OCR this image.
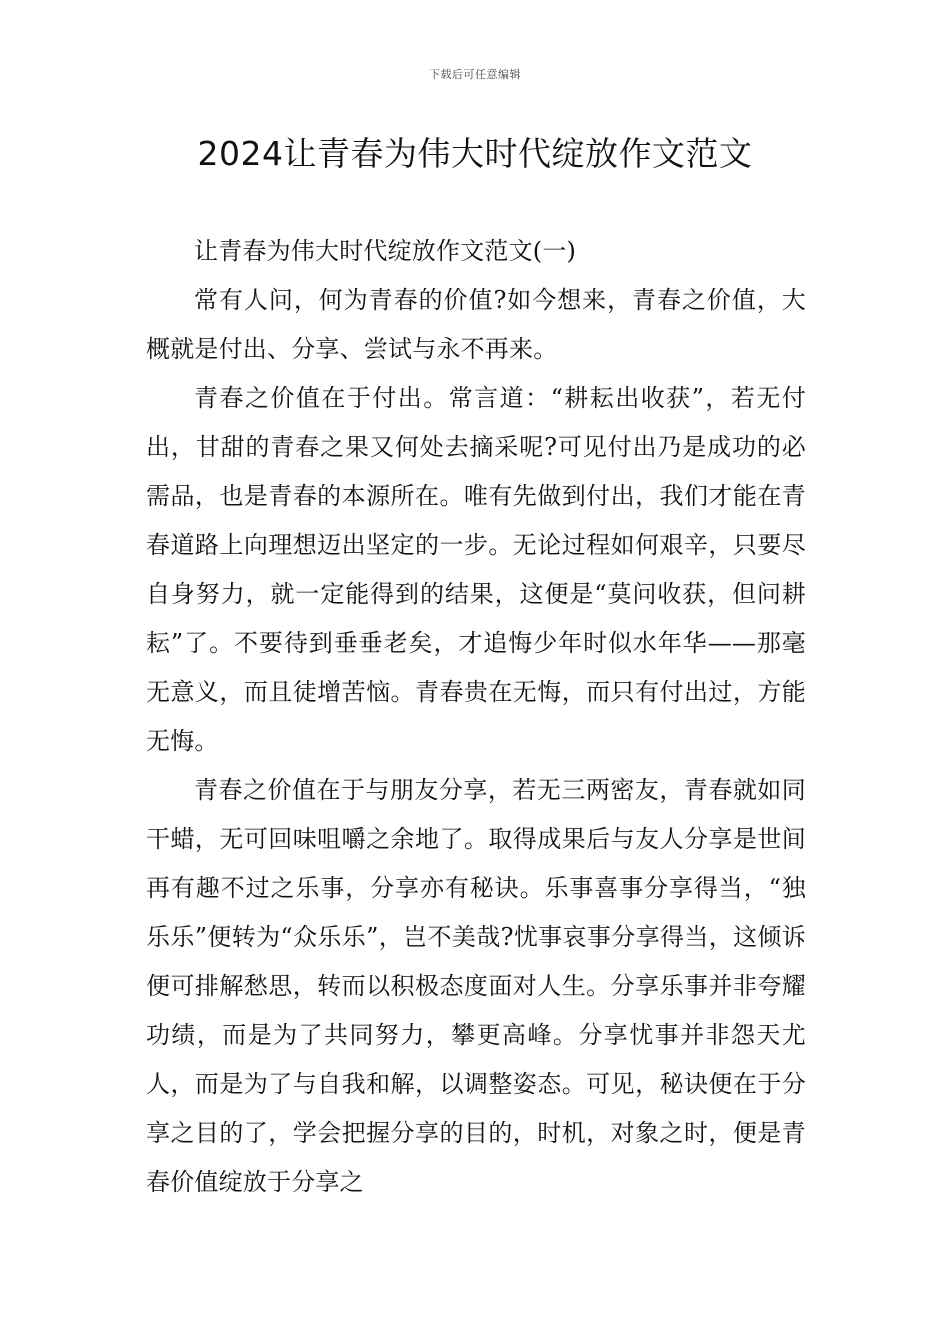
下载后可任意编辑
2024让青春为伟大时代绽放作文范文

让青春为伟大时代绽放作文范文(一)

常有人问，何为青春的价值?如今想来，青春之价值，大概就是付出、分享、尝试与永不再来。

青春之价值在于付出。常言道：“耕耘出收获”，若无付出，甘甜的青春之果又何处去摘采呢?可见付出乃是成功的必需品，也是青春的本源所在。唯有先做到付出，我们才能在青春道路上向理想迈出坚定的一步。无论过程如何艰辛，只要尽自身努力，就一定能得到的结果，这便是“莫问收获，但问耕耘”了。不要待到垂垂老矣，才追悔少年时似水年华——那毫无意义，而且徒增苦恼。青春贵在无悔，而只有付出过，方能无悔。

青春之价值在于与朋友分享，若无三两密友，青春就如同干蜡，无可回味咀嚼之余地了。取得成果后与友人分享是世间再有趣不过之乐事，分享亦有秘诀。乐事喜事分享得当，“独乐乐”便转为“众乐乐”，岂不美哉?忧事哀事分享得当，这倾诉便可排解愁思，转而以积极态度面对人生。分享乐事并非夸耀功绩，而是为了共同努力，攀更高峰。分享忧事并非怨天尤人，而是为了与自我和解，以调整姿态。可见，秘诀便在于分享之目的了，学会把握分享的目的，时机，对象之时，便是青春价值绽放于分享之
